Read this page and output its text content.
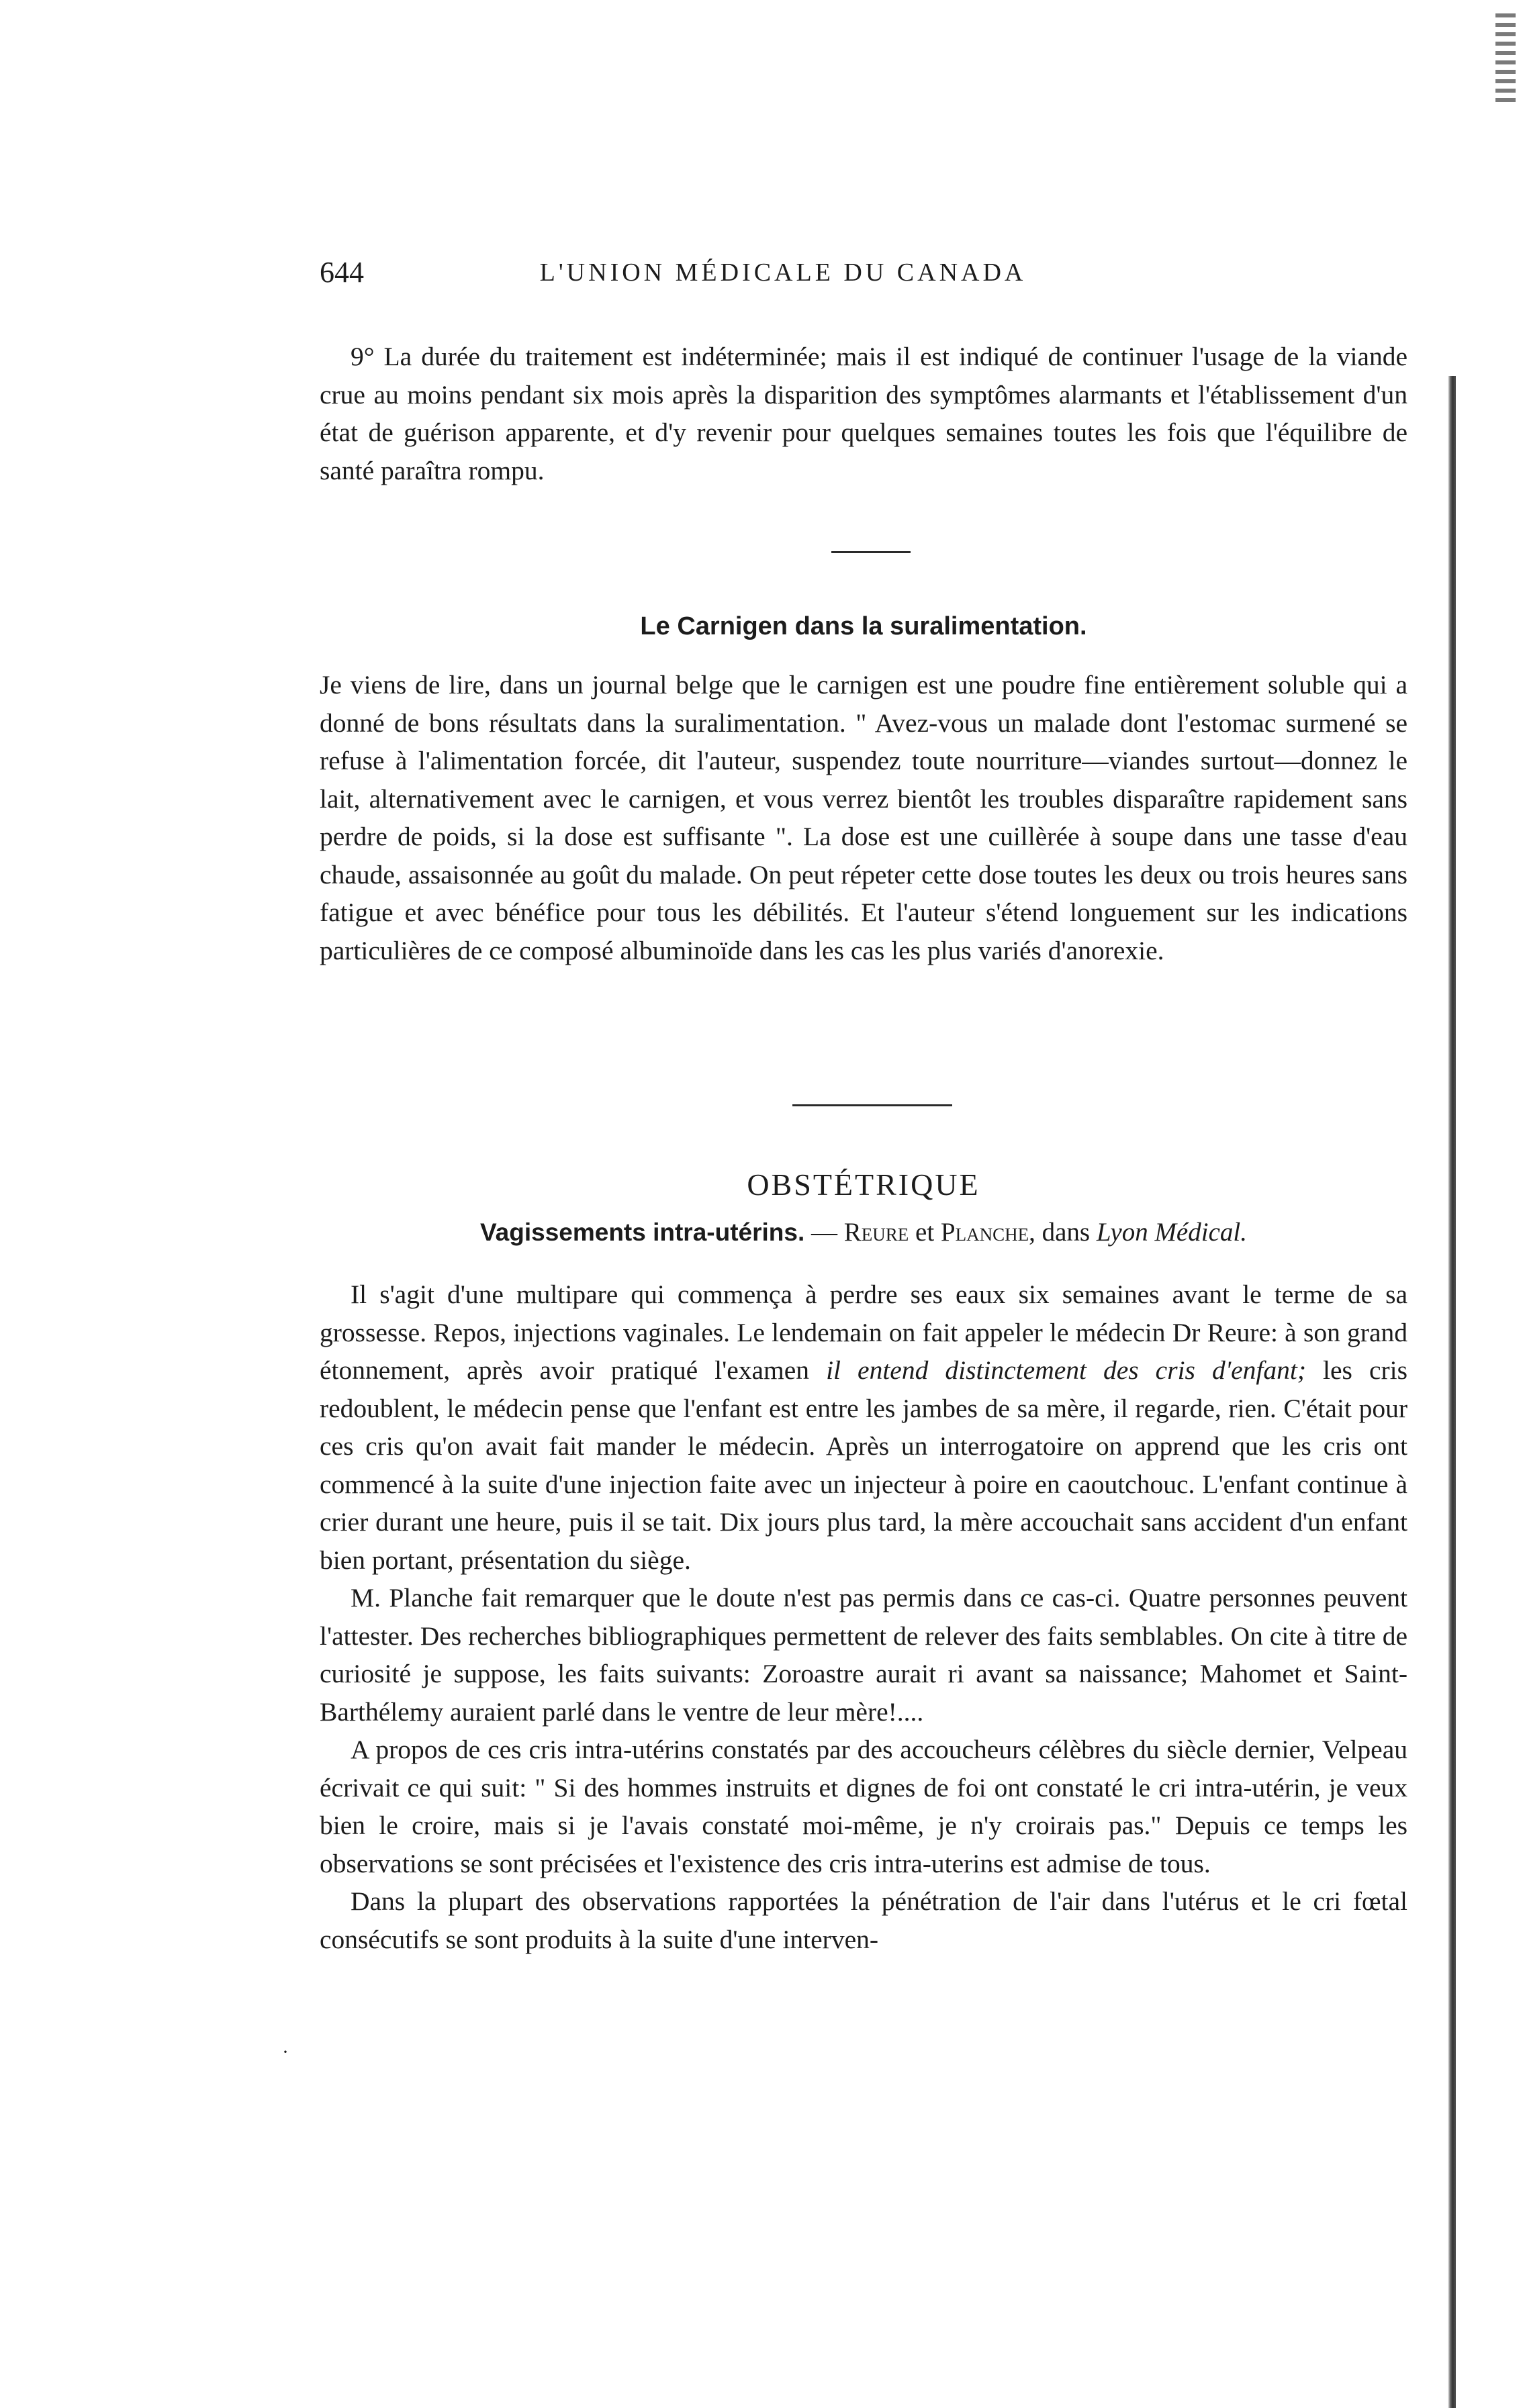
644	L'UNION MÉDICALE DU CANADA

9° La durée du traitement est indéterminée; mais il est indiqué de continuer l'usage de la viande crue au moins pendant six mois après la disparition des symptômes alarmants et l'établissement d'un état de guérison apparente, et d'y revenir pour quelques semaines toutes les fois que l'équilibre de santé paraîtra rompu.

Le Carnigen dans la suralimentation.

Je viens de lire, dans un journal belge que le carnigen est une poudre fine entièrement soluble qui a donné de bons résultats dans la suralimentation. " Avez-vous un malade dont l'estomac surmené se refuse à l'alimentation forcée, dit l'auteur, suspendez toute nourriture—viandes surtout—donnez le lait, alternativement avec le carnigen, et vous verrez bientôt les troubles disparaître rapidement sans perdre de poids, si la dose est suffisante ". La dose est une cuillèrée à soupe dans une tasse d'eau chaude, assaisonnée au goût du malade. On peut répeter cette dose toutes les deux ou trois heures sans fatigue et avec bénéfice pour tous les débilités. Et l'auteur s'étend longuement sur les indications particulières de ce composé albuminoïde dans les cas les plus variés d'anorexie.

OBSTÉTRIQUE
Vagissements intra-utérins. — Reure et Planche, dans Lyon Médical.

Il s'agit d'une multipare qui commença à perdre ses eaux six semaines avant le terme de sa grossesse. Repos, injections vaginales. Le lendemain on fait appeler le médecin Dr Reure: à son grand étonnement, après avoir pratiqué l'examen il entend distinctement des cris d'enfant; les cris redoublent, le médecin pense que l'enfant est entre les jambes de sa mère, il regarde, rien. C'était pour ces cris qu'on avait fait mander le médecin. Après un interrogatoire on apprend que les cris ont commencé à la suite d'une injection faite avec un injecteur à poire en caoutchouc. L'enfant continue à crier durant une heure, puis il se tait. Dix jours plus tard, la mère accouchait sans accident d'un enfant bien portant, présentation du siège.

M. Planche fait remarquer que le doute n'est pas permis dans ce cas-ci. Quatre personnes peuvent l'attester. Des recherches bibliographiques permettent de relever des faits semblables. On cite à titre de curiosité je suppose, les faits suivants: Zoroastre aurait ri avant sa naissance; Mahomet et Saint-Barthélemy auraient parlé dans le ventre de leur mère!....

A propos de ces cris intra-utérins constatés par des accoucheurs célèbres du siècle dernier, Velpeau écrivait ce qui suit: " Si des hommes instruits et dignes de foi ont constaté le cri intra-utérin, je veux bien le croire, mais si je l'avais constaté moi-même, je n'y croirais pas." Depuis ce temps les observations se sont précisées et l'existence des cris intra-uterins est admise de tous.

Dans la plupart des observations rapportées la pénétration de l'air dans l'utérus et le cri fœtal consécutifs se sont produits à la suite d'une interven-

·
